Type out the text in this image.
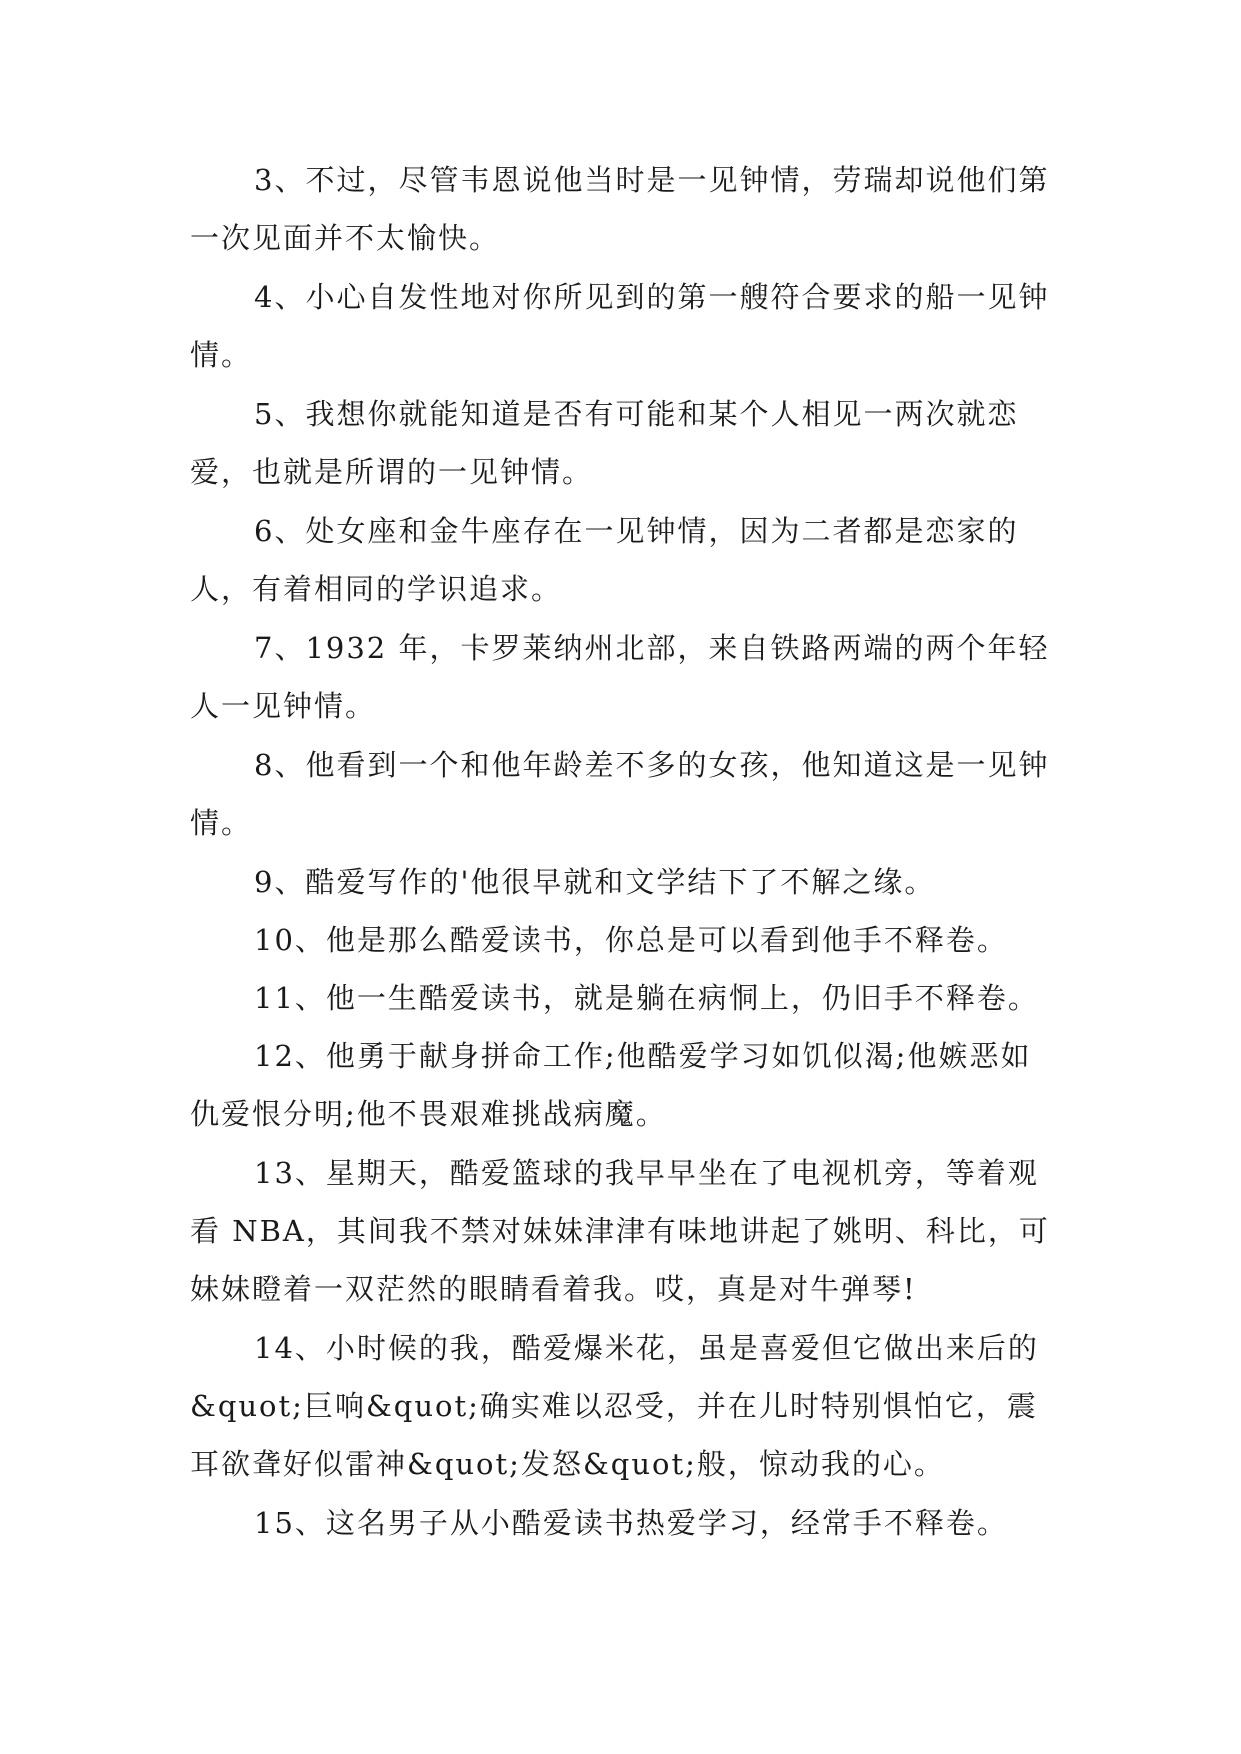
3、不过，尽管韦恩说他当时是一见钟情，劳瑞却说他们第一次见面并不太愉快。

4、小心自发性地对你所见到的第一艘符合要求的船一见钟情。

5、我想你就能知道是否有可能和某个人相见一两次就恋爱，也就是所谓的一见钟情。

6、处女座和金牛座存在一见钟情，因为二者都是恋家的人，有着相同的学识追求。

7、1932 年，卡罗莱纳州北部，来自铁路两端的两个年轻人一见钟情。

8、他看到一个和他年龄差不多的女孩，他知道这是一见钟情。

9、酷爱写作的'他很早就和文学结下了不解之缘。

10、他是那么酷爱读书，你总是可以看到他手不释卷。

11、他一生酷爱读书，就是躺在病恫上，仍旧手不释卷。

12、他勇于献身拼命工作;他酷爱学习如饥似渴;他嫉恶如仇爱恨分明;他不畏艰难挑战病魔。

13、星期天，酷爱篮球的我早早坐在了电视机旁，等着观看 NBA，其间我不禁对妹妹津津有味地讲起了姚明、科比，可妹妹瞪着一双茫然的眼睛看着我。哎，真是对牛弹琴!

14、小时候的我，酷爱爆米花，虽是喜爱但它做出来后的&quot;巨响&quot;确实难以忍受，并在儿时特别惧怕它，震耳欲聋好似雷神&quot;发怒&quot;般，惊动我的心。

15、这名男子从小酷爱读书热爱学习，经常手不释卷。
